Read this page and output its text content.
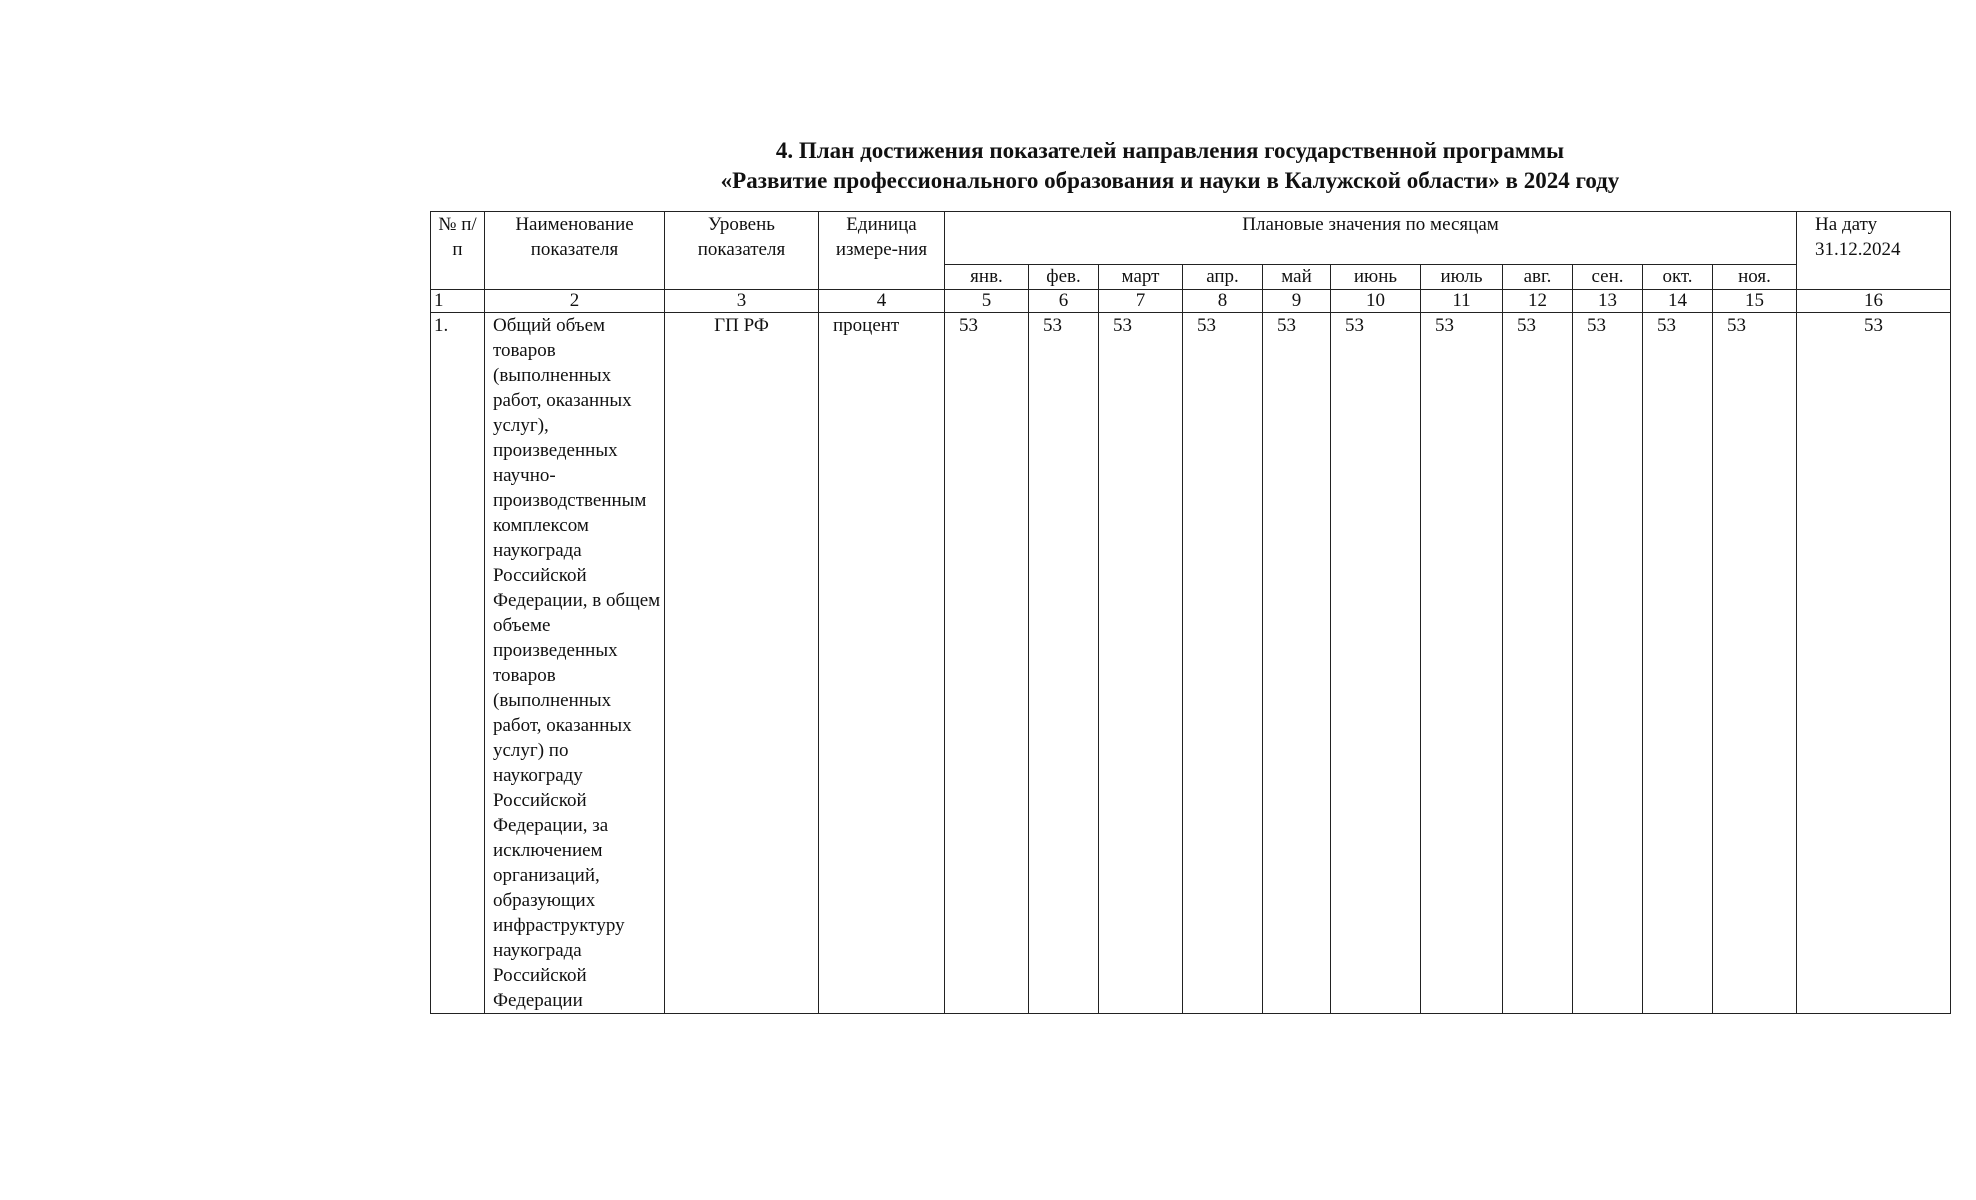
4. План достижения показателей направления государственной программы
«Развитие профессионального образования и науки в Калужской области» в 2024 году
№ п/п	Наименование показателя	Уровень показателя	Единица измере-ния	Плановые значения по месяцам											На дату 31.12.2024
				янв.	фев.	март	апр.	май	июнь	июль	авг.	сен.	окт.	ноя.	
1	2	3	4	5	6	7	8	9	10	11	12	13	14	15	16
1.	Общий объем товаров (выполненных работ, оказанных услуг), произведенных научно-производственным комплексом наукограда Российской Федерации, в общем объеме произведенных товаров (выполненных работ, оказанных услуг) по наукограду Российской Федерации, за исключением организаций, образующих инфраструктуру наукограда Российской Федерации	ГП РФ	процент	53	53	53	53	53	53	53	53	53	53	53	53
